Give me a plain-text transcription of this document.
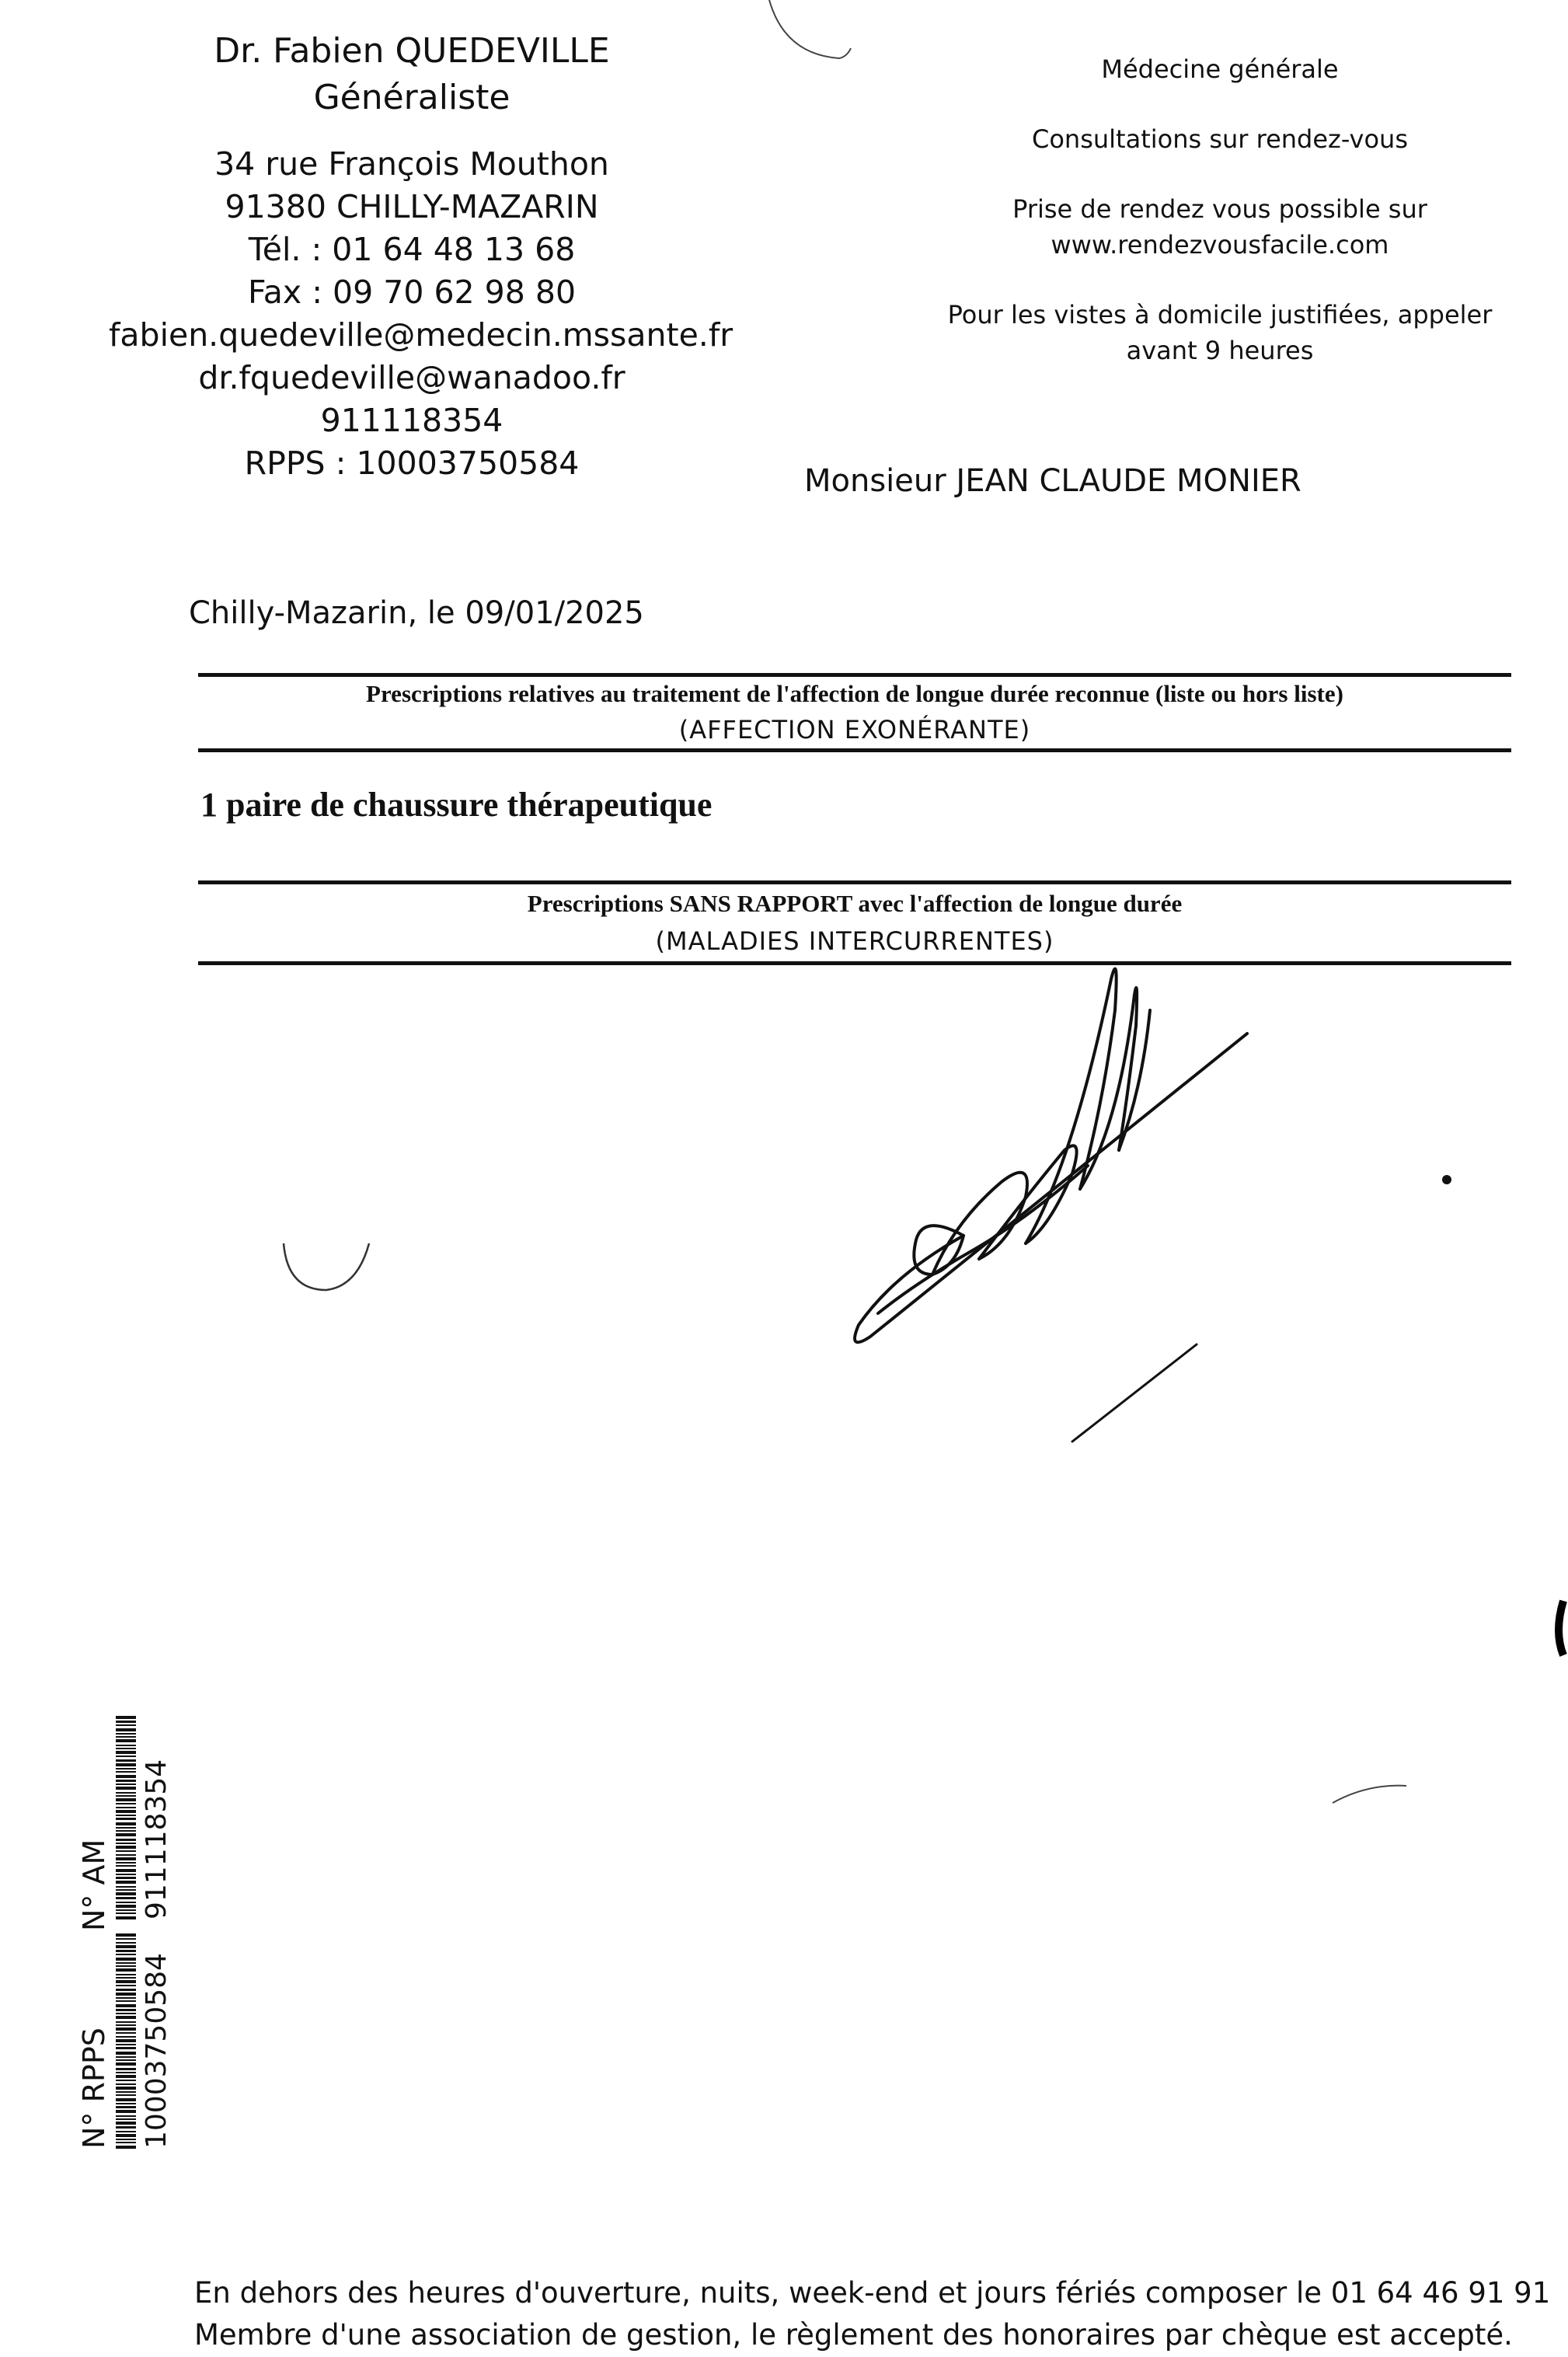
Dr. Fabien QUEDEVILLE
Généraliste
34 rue François Mouthon
91380 CHILLY-MAZARIN
Tél. : 01 64 48 13 68
Fax : 09 70 62 98 80
fabien.quedeville@medecin.mssante.fr
dr.fquedeville@wanadoo.fr
911118354
RPPS : 10003750584
Médecine générale
Consultations sur rendez-vous
Prise de rendez vous possible sur
www.rendezvousfacile.com
Pour les vistes à domicile justifiées, appeler
avant 9 heures
Monsieur JEAN CLAUDE MONIER
Chilly-Mazarin, le 09/01/2025
Prescriptions relatives au traitement de l'affection de longue durée reconnue (liste ou hors liste)
(AFFECTION EXONÉRANTE)
1 paire de chaussure thérapeutique
Prescriptions SANS RAPPORT avec l'affection de longue durée
(MALADIES INTERCURRENTES)
N° RPPS
N° AM
10003750584
911118354
En dehors des heures d'ouverture, nuits, week-end et jours fériés composer le 01 64 46 91 91
Membre d'une association de gestion, le règlement des honoraires par chèque est accepté.
